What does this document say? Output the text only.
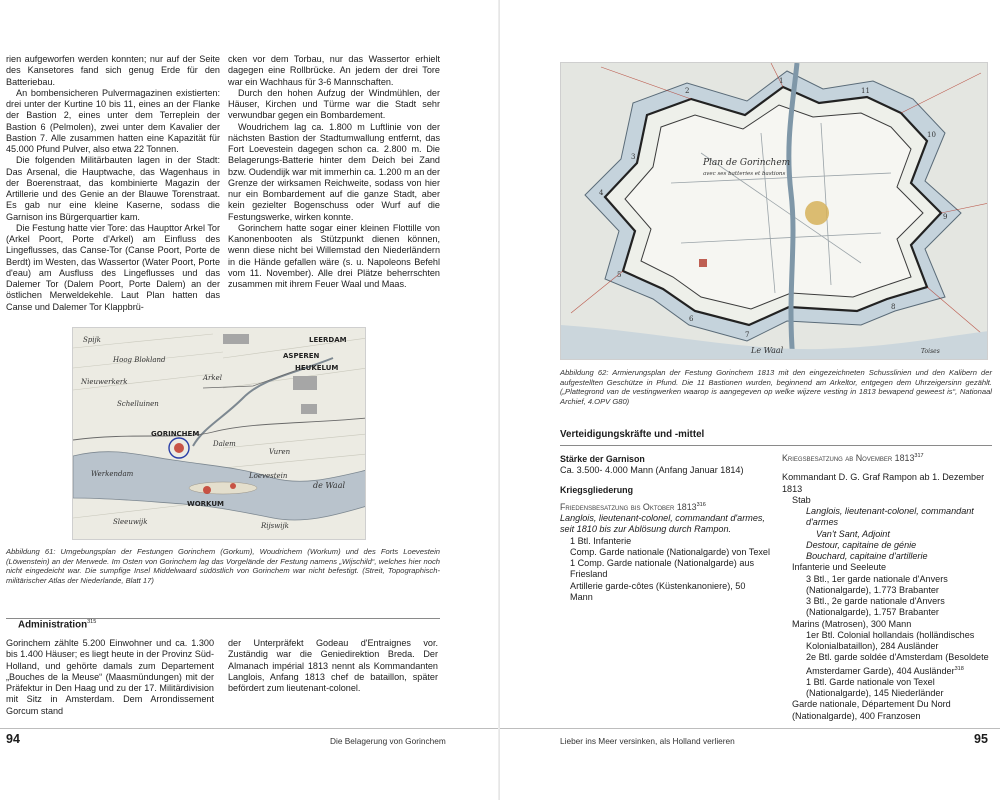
rien aufgeworfen werden konnten; nur auf der Seite des Kansetores fand sich genug Erde für den Batteriebau.

An bombensicheren Pulvermagazinen existierten: drei unter der Kurtine 10 bis 11, eines an der Flanke der Bastion 2, eines unter dem Terreplein der Bastion 6 (Pelmolen), zwei unter dem Kavalier der Bastion 7. Alle zusammen hatten eine Kapazität für 45.000 Pfund Pulver, also etwa 22 Tonnen.

Die folgenden Militärbauten lagen in der Stadt: Das Arsenal, die Hauptwache, das Wagenhaus in der Boerenstraat, das kombinierte Magazin der Artillerie und des Genie an der Blauwe Torenstraat. Es gab nur eine kleine Kaserne, sodass die Garnison ins Bürgerquartier kam.

Die Festung hatte vier Tore: das Haupttor Arkel Tor (Arkel Poort, Porte d'Arkel) am Einfluss des Lingeflusses, das Canse-Tor (Canse Poort, Porte de Berdt) im Westen, das Wassertor (Water Poort, Porte d'eau) am Ausfluss des Lingeflusses und das Dalemer Tor (Dalem Poort, Porte Dalem) an der östlichen Merweldekehle. Laut Plan hatten das Canse und Dalemer Tor Klappbrü-

cken vor dem Torbau, nur das Wassertor erhielt dagegen eine Rollbrücke. An jedem der drei Tore war ein Wachhaus für 3-6 Mannschaften.

Durch den hohen Aufzug der Windmühlen, der Häuser, Kirchen und Türme war die Stadt sehr verwundbar gegen ein Bombardement.

Woudrichem lag ca. 1.800 m Luftlinie von der nächsten Bastion der Stadtumwallung entfernt, das Fort Loevestein dagegen schon ca. 2.800 m. Die Belagerungs-Batterie hinter dem Deich bei Zand bzw. Oudendijk war mit immerhin ca. 1.200 m an der Grenze der wirksamen Reichweite, sodass von hier nur ein Bombardement auf die ganze Stadt, aber kein gezielter Bogenschuss oder Wurf auf die Festungswerke, wirken konnte.

Gorinchem hatte sogar einer kleinen Flottille von Kanonenbooten als Stützpunkt dienen können, wenn diese nicht bei Willemstad den Niederländern in die Hände gefallen wäre (s. u. Napoleons Befehl vom 11. November). Alle drei Plätze beherrschten zusammen mit ihrem Feuer Waal und Maas.

Spijk
Hoog Blokland
Nieuwerkerk
Schelluinen
Arkel
Dalem
Vuren
Loevestein
Rijswijk
Sleeuwijk
Werkendam
de Waal
GORINCHEM
WORKUM
HEUKELUM
ASPEREN
LEERDAM
Abbildung 61: Umgebungsplan der Festungen Gorinchem (Gorkum), Woudrichem (Workum) und des Forts Loevestein (Löwenstein) an der Merwede. Im Osten von Gorinchem lag das Vorgelände der Festung namens „Wijschild“, welches hier noch nicht eingedeicht war. Die sumpfige Insel Middelwaard südöstlich von Gorinchem war nicht befestigt. (Streit, Topographisch-militärischer Atlas der Niederlande, Blatt 17)
Administration$^{315}$

Gorinchem zählte 5.200 Einwohner und ca. 1.300 bis 1.400 Häuser; es liegt heute in der Provinz Süd-Holland, und gehörte damals zum Departement „Bouches de la Meuse“ (Maasmündungen) mit der Präfektur in Den Haag und zu der 17. Militärdivision mit Sitz in Amsterdam. Dem Arrondissement Gorcum stand

der Unterpräfekt Godeau d'Entraignes vor. Zuständig war die Geniedirektion Breda. Der Almanach impérial 1813 nennt als Kommandanten Langlois, Anfang 1813 chef de bataillon, später befördert zum lieutenant-colonel.

94	Die Belagerung von Gorinchem
1
2
3
4
5
6
7
8
9
10
11
Plan de Gorinchem
avec ses batteries et bastions
Le Waal	Toises
Abbildung 62: Armierungsplan der Festung Gorinchem 1813 mit den eingezeichneten Schusslinien und den Kalibern der aufgestellten Geschütze in Pfund. Die 11 Bastionen wurden, beginnend am Arkeltor, entgegen dem Uhrzeigersinn gezählt. („Plattegrond van de vestingwerken waarop is aangegeven op welke wijzere vesting in 1813 bewapend geweest is“, Nationaal Archief, 4.OPV G80)
Verteidigungskräfte und -mittel
Stärke der Garnison
Ca. 3.500- 4.000 Mann (Anfang Januar 1814)
Kriegsgliederung
Friedensbesatzung bis Oktober 1813$^{316}$
Langlois, lieutenant-colonel, commandant d'armes, seit 1810 bis zur Ablösung durch Rampon.
1 Btl. Infanterie
Comp. Garde nationale (Nationalgarde) von Texel
1 Comp. Garde nationale (Nationalgarde) aus Friesland
Artillerie garde-côtes (Küstenkanoniere), 50 Mann
Kriegsbesatzung ab November 1813$^{317}$
Kommandant D. G. Graf Rampon ab 1. Dezember 1813
Stab
Langlois, lieutenant-colonel, commandant d'armes
Van't Sant, Adjoint
Destour, capitaine de génie
Bouchard, capitaine d'artillerie
Infanterie und Seeleute
3 Btl., 1er garde nationale d'Anvers (Nationalgarde), 1.773 Brabanter
3 Btl., 2e garde nationale d'Anvers (Nationalgarde), 1.757 Brabanter
Marins (Matrosen), 300 Mann
1er Btl. Colonial hollandais (holländisches Kolonialbataillon), 284 Ausländer
2e Btl. garde soldée d'Amsterdam (Besoldete Amsterdamer Garde), 404 Ausländer$^{318}$
1 Btl. Garde nationale von Texel (Nationalgarde), 145 Niederländer
Garde nationale, Département Du Nord (Nationalgarde), 400 Franzosen
Lieber ins Meer versinken, als Holland verlieren	95
